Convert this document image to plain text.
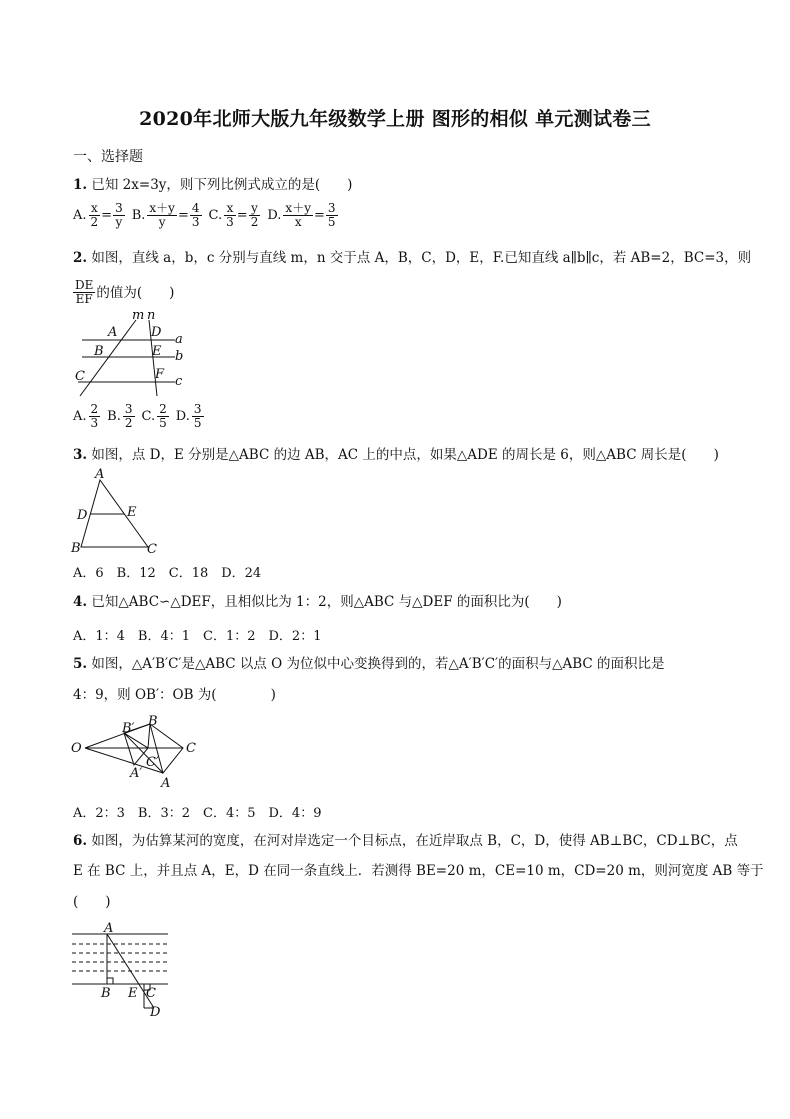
2020年北师大版九年级数学上册 图形的相似 单元测试卷三
一、选择题
1. 已知 2x=3y，则下列比例式成立的是(　　)
A. $\frac{x}{2} = \frac{3}{y} B$. $\frac{x+y}{y} = \frac{4}{3} C$. $\frac{x}{3} = \frac{y}{2} D$. $\frac{x+y}{x} = \frac{3}{5}$
2. 如图，直线 a，b，c 分别与直线 m，n 交于点 A，B，C，D，E，F.已知直线 a∥b∥c，若 AB=2，BC=3，则
$\frac{DE}{EF}$ 的值为(　　)
m n
A	D a
B	E b
C	F c
A. $\frac{2}{3} B$. $\frac{3}{2} C$. $\frac{2}{5} D$. $\frac{3}{5}$
3. 如图，点 D，E 分别是△ABC 的边 AB，AC 上的中点，如果△ADE 的周长是 6，则△ABC 周长是(　　)
A
D	E
B	C
A．6　B．12　C．18　D．24
4. 已知△ABC∽△DEF，且相似比为 1：2，则△ABC 与△DEF 的面积比为(　　)
A．1：4　B．4：1　C．1：2　D．2：1
5. 如图，△A′B′C′是△ABC 以点 O 为位似中心变换得到的，若△A′B′C′的面积与△ABC 的面积比是
4：9，则 OB′：OB 为(　　　　)
O
B′ B
C
C′
A′
A
A．2：3　B．3：2　C．4：5　D．4：9
6. 如图，为估算某河的宽度，在河对岸选定一个目标点，在近岸取点 B，C，D，使得 AB⊥BC，CD⊥BC，点
E 在 BC 上，并且点 A，E，D 在同一条直线上．若测得 BE=20 m，CE=10 m，CD=20 m，则河宽度 AB 等于
(　　)
A
B E C
D
